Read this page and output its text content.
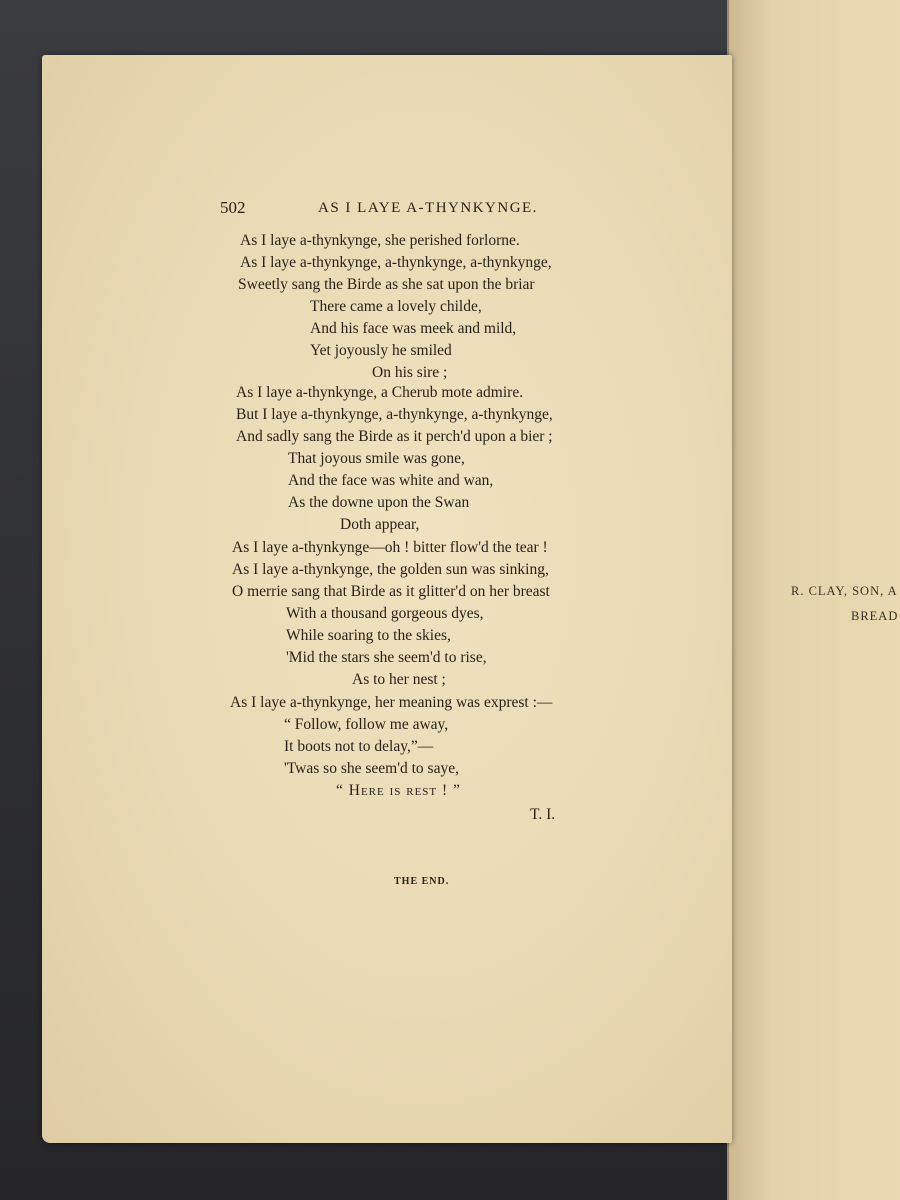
R. CLAY, SON, A
BREAD
502	AS I LAYE A-THYNKYNGE.
As I laye a-thynkynge, she perished forlorne.
As I laye a-thynkynge, a-thynkynge, a-thynkynge,
Sweetly sang the Birde as she sat upon the briar
There came a lovely childe,
And his face was meek and mild,
Yet joyously he smiled
On his sire ;
As I laye a-thynkynge, a Cherub mote admire.
But I laye a-thynkynge, a-thynkynge, a-thynkynge,
And sadly sang the Birde as it perch'd upon a bier ;
That joyous smile was gone,
And the face was white and wan,
As the downe upon the Swan
Doth appear,
As I laye a-thynkynge—oh ! bitter flow'd the tear !
As I laye a-thynkynge, the golden sun was sinking,
O merrie sang that Birde as it glitter'd on her breast
With a thousand gorgeous dyes,
While soaring to the skies,
'Mid the stars she seem'd to rise,
As to her nest ;
As I laye a-thynkynge, her meaning was exprest :—
“ Follow, follow me away,
It boots not to delay,”—
'Twas so she seem'd to saye,
“ Here is rest ! ”
T. I.
THE END.
